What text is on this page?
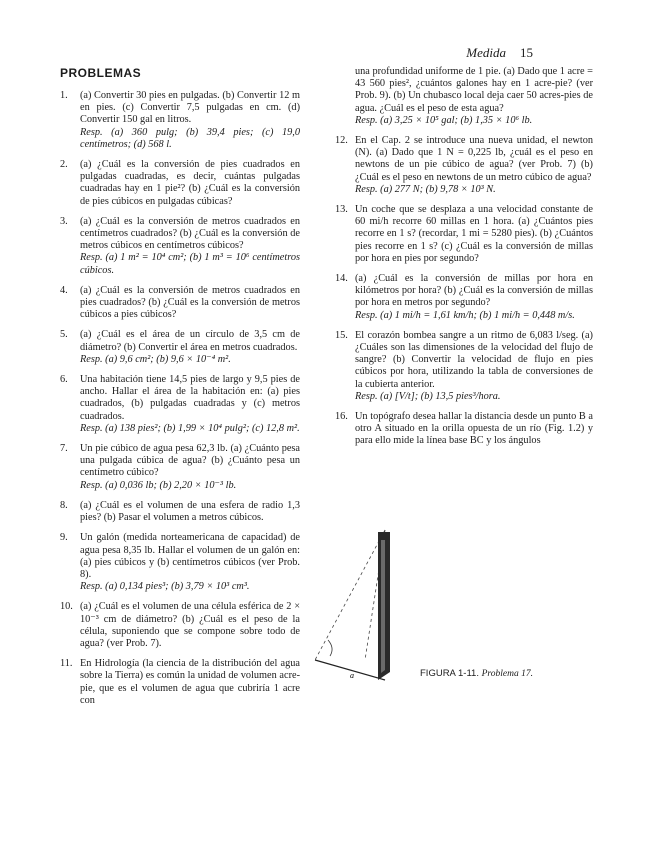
Medida 15
PROBLEMAS
1. (a) Convertir 30 pies en pulgadas. (b) Convertir 12 m en pies. (c) Convertir 7,5 pulgadas en cm. (d) Convertir 150 gal en litros.
Resp. (a) 360 pulg; (b) 39,4 pies; (c) 19,0 centímetros; (d) 568 l.
2. (a) ¿Cuál es la conversión de pies cuadrados en pulgadas cuadradas, es decir, cuántas pulgadas cuadradas hay en 1 pie²? (b) ¿Cuál es la conversión de pies cúbicos en pulgadas cúbicas?
3. (a) ¿Cuál es la conversión de metros cuadrados en centímetros cuadrados? (b) ¿Cuál es la conversión de metros cúbicos en centímetros cúbicos?
Resp. (a) 1 m² = 10⁴ cm²; (b) 1 m³ = 10⁶ centímetros cúbicos.
4. (a) ¿Cuál es la conversión de metros cuadrados en pies cuadrados? (b) ¿Cuál es la conversión de metros cúbicos a pies cúbicos?
5. (a) ¿Cuál es el área de un círculo de 3,5 cm de diámetro? (b) Convertir el área en metros cuadrados.
Resp. (a) 9,6 cm²; (b) 9,6 × 10⁻⁴ m².
6. Una habitación tiene 14,5 pies de largo y 9,5 pies de ancho. Hallar el área de la habitación en: (a) pies cuadrados, (b) pulgadas cuadradas y (c) metros cuadrados.
Resp. (a) 138 pies²; (b) 1,99 × 10⁴ pulg²; (c) 12,8 m².
7. Un pie cúbico de agua pesa 62,3 lb. (a) ¿Cuánto pesa una pulgada cúbica de agua? (b) ¿Cuánto pesa un centímetro cúbico?
Resp. (a) 0,036 lb; (b) 2,20 × 10⁻³ lb.
8. (a) ¿Cuál es el volumen de una esfera de radio 1,3 pies? (b) Pasar el volumen a metros cúbicos.
9. Un galón (medida norteamericana de capacidad) de agua pesa 8,35 lb. Hallar el volumen de un galón en: (a) pies cúbicos y (b) centímetros cúbicos (ver Prob. 8).
Resp. (a) 0,134 pies³; (b) 3,79 × 10³ cm³.
10. (a) ¿Cuál es el volumen de una célula esférica de 2 × 10⁻³ cm de diámetro? (b) ¿Cuál es el peso de la célula, suponiendo que se compone sobre todo de agua? (ver Prob. 7).
11. En Hidrología (la ciencia de la distribución del agua sobre la Tierra) es común la unidad de volumen acre-pie, que es el volumen de agua que cubriría 1 acre con
una profundidad uniforme de 1 pie. (a) Dado que 1 acre = 43 560 pies², ¿cuántos galones hay en 1 acre-pie? (ver Prob. 9). (b) Un chubasco local deja caer 50 acres-pies de agua. ¿Cuál es el peso de esta agua?
Resp. (a) 3,25 × 10⁵ gal; (b) 1,35 × 10⁶ lb.
12. En el Cap. 2 se introduce una nueva unidad, el newton (N). (a) Dado que 1 N = 0,225 lb, ¿cuál es el peso en newtons de un pie cúbico de agua? (ver Prob. 7) (b) ¿Cuál es el peso en newtons de un metro cúbico de agua?
Resp. (a) 277 N; (b) 9,78 × 10³ N.
13. Un coche que se desplaza a una velocidad constante de 60 mi/h recorre 60 millas en 1 hora. (a) ¿Cuántos pies recorre en 1 s? (recordar, 1 mi = 5280 pies). (b) ¿Cuántos pies recorre en 1 s? (c) ¿Cuál es la conversión de millas por hora en pies por segundo?
14. (a) ¿Cuál es la conversión de millas por hora en kilómetros por hora? (b) ¿Cuál es la conversión de millas por hora en metros por segundo?
Resp. (a) 1 mi/h = 1,61 km/h; (b) 1 mi/h = 0,448 m/s.
15. El corazón bombea sangre a un ritmo de 6,083 l/seg. (a) ¿Cuáles son las dimensiones de la velocidad del flujo de sangre? (b) Convertir la velocidad de flujo en pies cúbicos por hora, utilizando la tabla de conversiones de la cubierta anterior.
Resp. (a) [V/t]; (b) 13,5 pies³/hora.
16. Un topógrafo desea hallar la distancia desde un punto B a otro A situado en la orilla opuesta de un río (Fig. 1.2) y para ello mide la línea base BC y los ángulos
a	FIGURA 1-11. Problema 17.
